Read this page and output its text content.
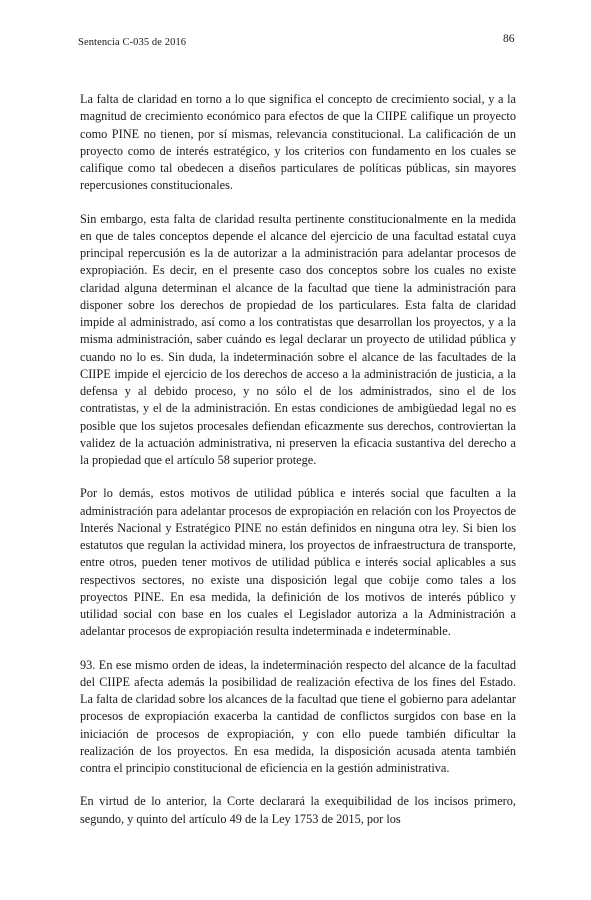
Sentencia C-035 de 2016	86

La falta de claridad en torno a lo que significa el concepto de crecimiento social, y a la magnitud de crecimiento económico para efectos de que la CIIPE califique un proyecto como PINE no tienen, por sí mismas, relevancia constitucional. La calificación de un proyecto como de interés estratégico, y los criterios con fundamento en los cuales se califique como tal obedecen a diseños particulares de políticas públicas, sin mayores repercusiones constitucionales.

Sin embargo, esta falta de claridad resulta pertinente constitucionalmente en la medida en que de tales conceptos depende el alcance del ejercicio de una facultad estatal cuya principal repercusión es la de autorizar a la administración para adelantar procesos de expropiación. Es decir, en el presente caso dos conceptos sobre los cuales no existe claridad alguna determinan el alcance de la facultad que tiene la administración para disponer sobre los derechos de propiedad de los particulares. Esta falta de claridad impide al administrado, así como a los contratistas que desarrollan los proyectos, y a la misma administración, saber cuándo es legal declarar un proyecto de utilidad pública y cuando no lo es. Sin duda, la indeterminación sobre el alcance de las facultades de la CIIPE impide el ejercicio de los derechos de acceso a la administración de justicia, a la defensa y al debido proceso, y no sólo el de los administrados, sino el de los contratistas, y el de la administración. En estas condiciones de ambigüedad legal no es posible que los sujetos procesales defiendan eficazmente sus derechos, controviertan la validez de la actuación administrativa, ni preserven la eficacia sustantiva del derecho a la propiedad que el artículo 58 superior protege.

Por lo demás, estos motivos de utilidad pública e interés social que faculten a la administración para adelantar procesos de expropiación en relación con los Proyectos de Interés Nacional y Estratégico PINE no están definidos en ninguna otra ley. Si bien los estatutos que regulan la actividad minera, los proyectos de infraestructura de transporte, entre otros, pueden tener motivos de utilidad pública e interés social aplicables a sus respectivos sectores, no existe una disposición legal que cobije como tales a los proyectos PINE. En esa medida, la definición de los motivos de interés público y utilidad social con base en los cuales el Legislador autoriza a la Administración a adelantar procesos de expropiación resulta indeterminada e indeterminable.

93. En ese mismo orden de ideas, la indeterminación respecto del alcance de la facultad del CIIPE afecta además la posibilidad de realización efectiva de los fines del Estado. La falta de claridad sobre los alcances de la facultad que tiene el gobierno para adelantar procesos de expropiación exacerba la cantidad de conflictos surgidos con base en la iniciación de procesos de expropiación, y con ello puede también dificultar la realización de los proyectos. En esa medida, la disposición acusada atenta también contra el principio constitucional de eficiencia en la gestión administrativa.

En virtud de lo anterior, la Corte declarará la exequibilidad de los incisos primero, segundo, y quinto del artículo 49 de la Ley 1753 de 2015, por los
